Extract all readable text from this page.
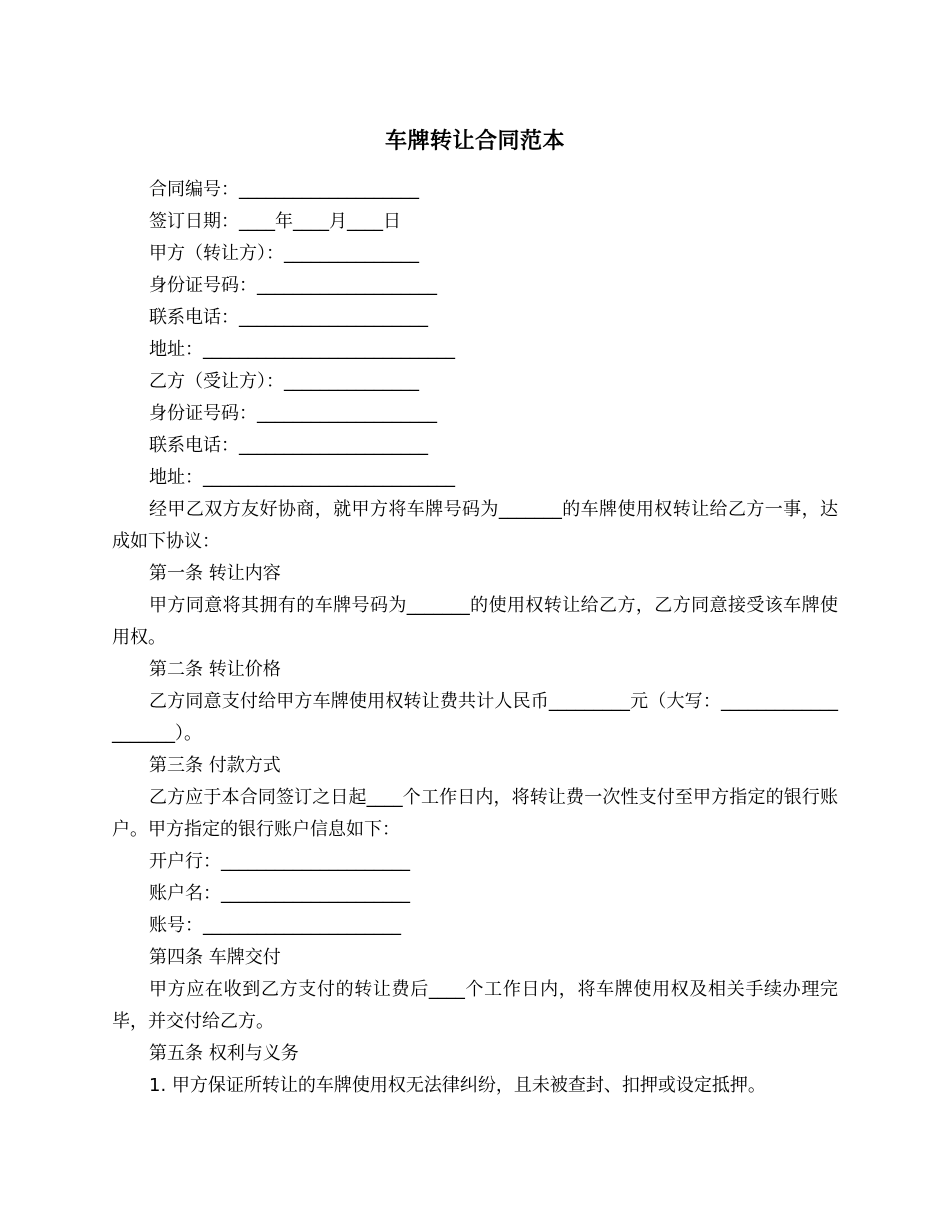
车牌转让合同范本

合同编号：____________________

签订日期：____年____月____日

甲方（转让方）：_______________

身份证号码：____________________

联系电话：_____________________

地址：____________________________

乙方（受让方）：_______________

身份证号码：____________________

联系电话：_____________________

地址：____________________________

经甲乙双方友好协商，就甲方将车牌号码为_______的车牌使用权转让给乙方一事，达成如下协议：

第一条 转让内容

甲方同意将其拥有的车牌号码为_______的使用权转让给乙方，乙方同意接受该车牌使用权。

第二条 转让价格

乙方同意支付给甲方车牌使用权转让费共计人民币_________元（大写：____________________）。

第三条 付款方式

乙方应于本合同签订之日起____个工作日内，将转让费一次性支付至甲方指定的银行账户。甲方指定的银行账户信息如下：

开户行：_____________________

账户名：_____________________

账号：______________________

第四条 车牌交付

甲方应在收到乙方支付的转让费后____个工作日内，将车牌使用权及相关手续办理完毕，并交付给乙方。

第五条 权利与义务

1. 甲方保证所转让的车牌使用权无法律纠纷，且未被查封、扣押或设定抵押。
